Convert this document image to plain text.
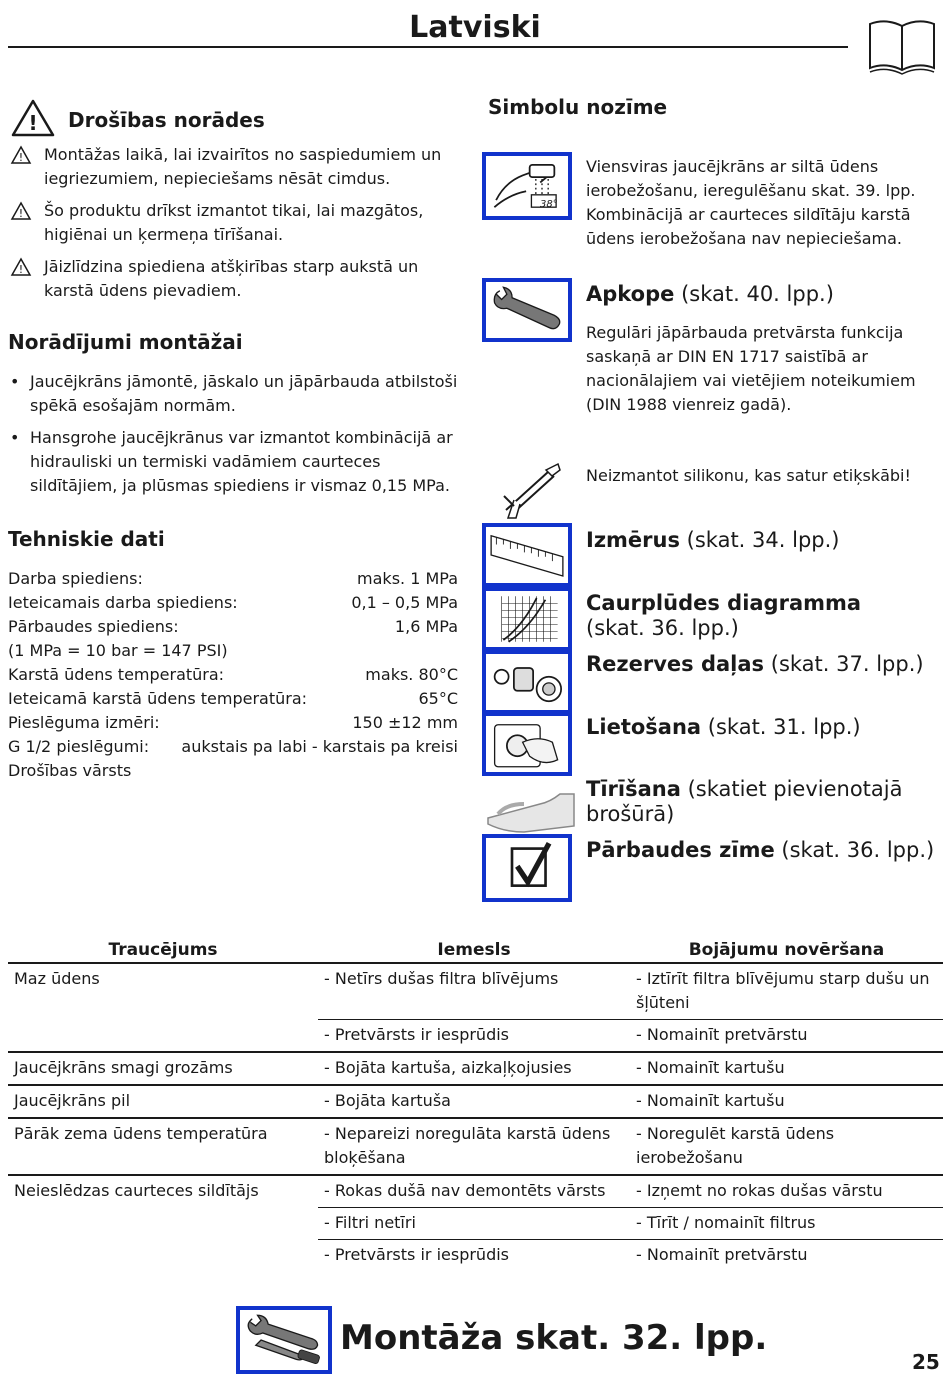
Latviski
! Drošības norādes
! Montāžas laikā, lai izvairītos no saspiedumiem un iegriezumiem, nepieciešams nēsāt cimdus.
! Šo produktu drīkst izmantot tikai, lai mazgātos, higiēnai un ķermeņa tīrīšanai.
! Jāizlīdzina spiediena atšķirības starp aukstā un karstā ūdens pievadiem.
Norādījumi montāžai
• Jaucējkrāns jāmontē, jāskalo un jāpārbauda atbilstoši spēkā esošajām normām.
• Hansgrohe jaucējkrānus var izmantot kombinācijā ar hidrauliski un termiski vadāmiem caurteces sildītājiem, ja plūsmas spiediens ir vismaz 0,15 MPa.
Tehniskie dati
Darba spiediens:	maks. 1 MPa
Ieteicamais darba spiediens:	0,1 – 0,5 MPa
Pārbaudes spiediens:	1,6 MPa
(1 MPa = 10 bar = 147 PSI)
Karstā ūdens temperatūra:	maks. 80°C
Ieteicamā karstā ūdens temperatūra:	65°C
Pieslēguma izmēri:	150 ±12 mm
G 1/2 pieslēgumi: aukstais pa labi - karstais pa kreisi
Drošības vārsts
Simbolu nozīme
38°
Viensviras jaucējkrāns ar siltā ūdens ierobežošanu, ieregulēšanu skat. 39. lpp. Kombinācijā ar caurteces sildītāju karstā ūdens ierobežošana nav nepieciešama.
Apkope (skat. 40. lpp.)
Regulāri jāpārbauda pretvārsta funkcija saskaņā ar DIN EN 1717 saistībā ar nacionālajiem vai vietējiem noteikumiem (DIN 1988 vienreiz gadā).
Neizmantot silikonu, kas satur etiķskābi!
Izmērus (skat. 34. lpp.)
Caurplūdes diagramma
(skat. 36. lpp.)
Rezerves daļas (skat. 37. lpp.)
Lietošana (skat. 31. lpp.)
Tīrīšana (skatiet pievienotajā brošūrā)
Pārbaudes zīme (skat. 36. lpp.)
Traucējums	Iemesls	Bojājumu novēršana
Maz ūdens	- Netīrs dušas filtra blīvējums	- Iztīrīt filtra blīvējumu starp dušu un šļūteni
	- Pretvārsts ir iesprūdis	- Nomainīt pretvārstu
Jaucējkrāns smagi grozāms	- Bojāta kartuša, aizkaļķojusies	- Nomainīt kartušu
Jaucējkrāns pil	- Bojāta kartuša	- Nomainīt kartušu
Pārāk zema ūdens temperatūra	- Nepareizi noregulāta karstā ūdens bloķēšana	- Noregulēt karstā ūdens ierobežošanu
Neieslēdzas caurteces sildītājs	- Rokas dušā nav demontēts vārsts	- Izņemt no rokas dušas vārstu
	- Filtri netīri	- Tīrīt / nomainīt filtrus
	- Pretvārsts ir iesprūdis	- Nomainīt pretvārstu
Montāža skat. 32. lpp.
25
